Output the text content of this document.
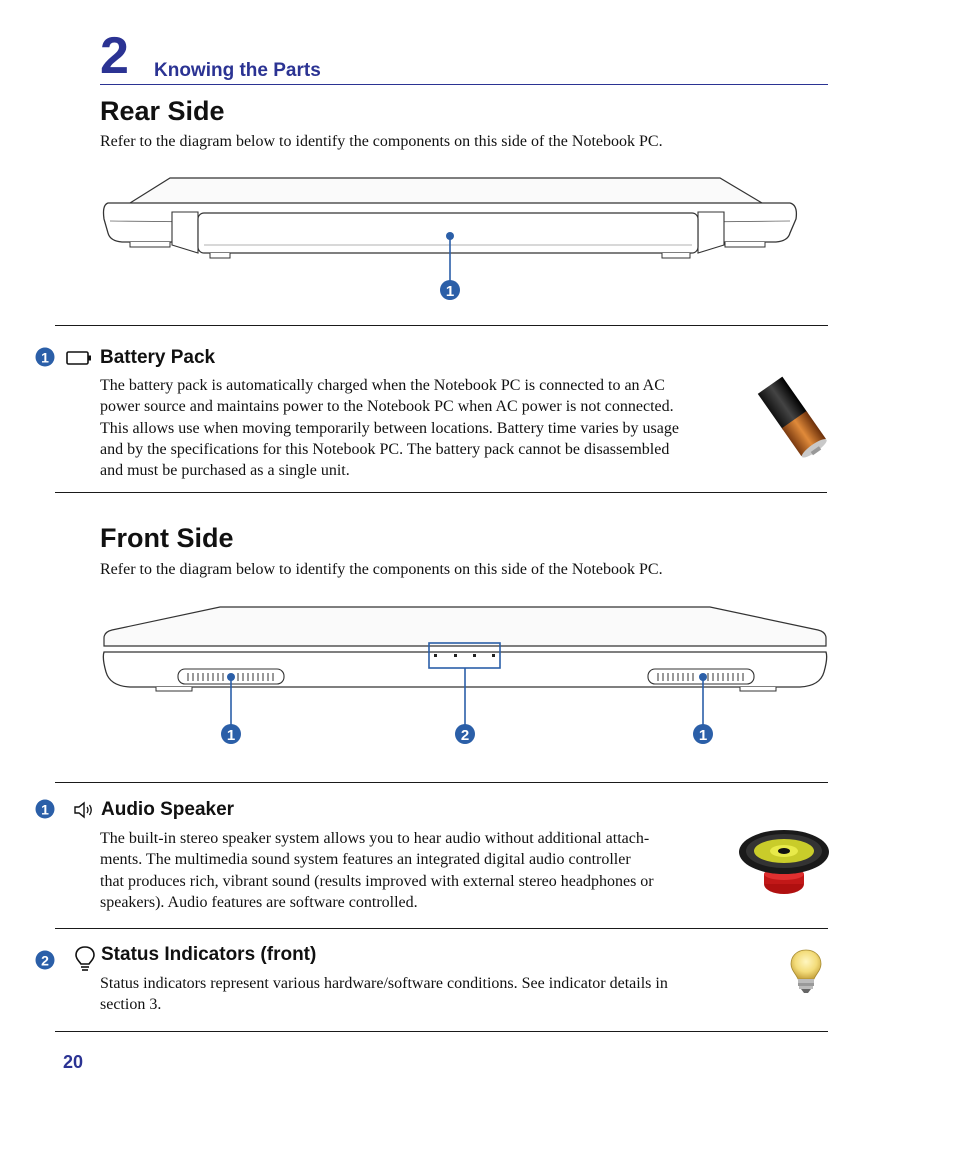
2 Knowing the Parts
Rear Side
Refer to the diagram below to identify the components on this side of the Notebook PC.
1
1	Battery Pack
The battery pack is automatically charged when the Notebook PC is connected to an AC
power source and maintains power to the Notebook PC when AC power is not connected.
This allows use when moving temporarily between locations. Battery time varies by usage
and by the specifications for this Notebook PC. The battery pack cannot be disassembled
and must be purchased as a single unit.
Front Side
Refer to the diagram below to identify the components on this side of the Notebook PC.
1	2	1
1	Audio Speaker
The built-in stereo speaker system allows you to hear audio without additional attach-
ments. The multimedia sound system features an integrated digital audio controller
that produces rich, vibrant sound (results improved with external stereo headphones or
speakers). Audio features are software controlled.
2	Status Indicators (front)
Status indicators represent various hardware/software conditions. See indicator details in
section 3.
20
